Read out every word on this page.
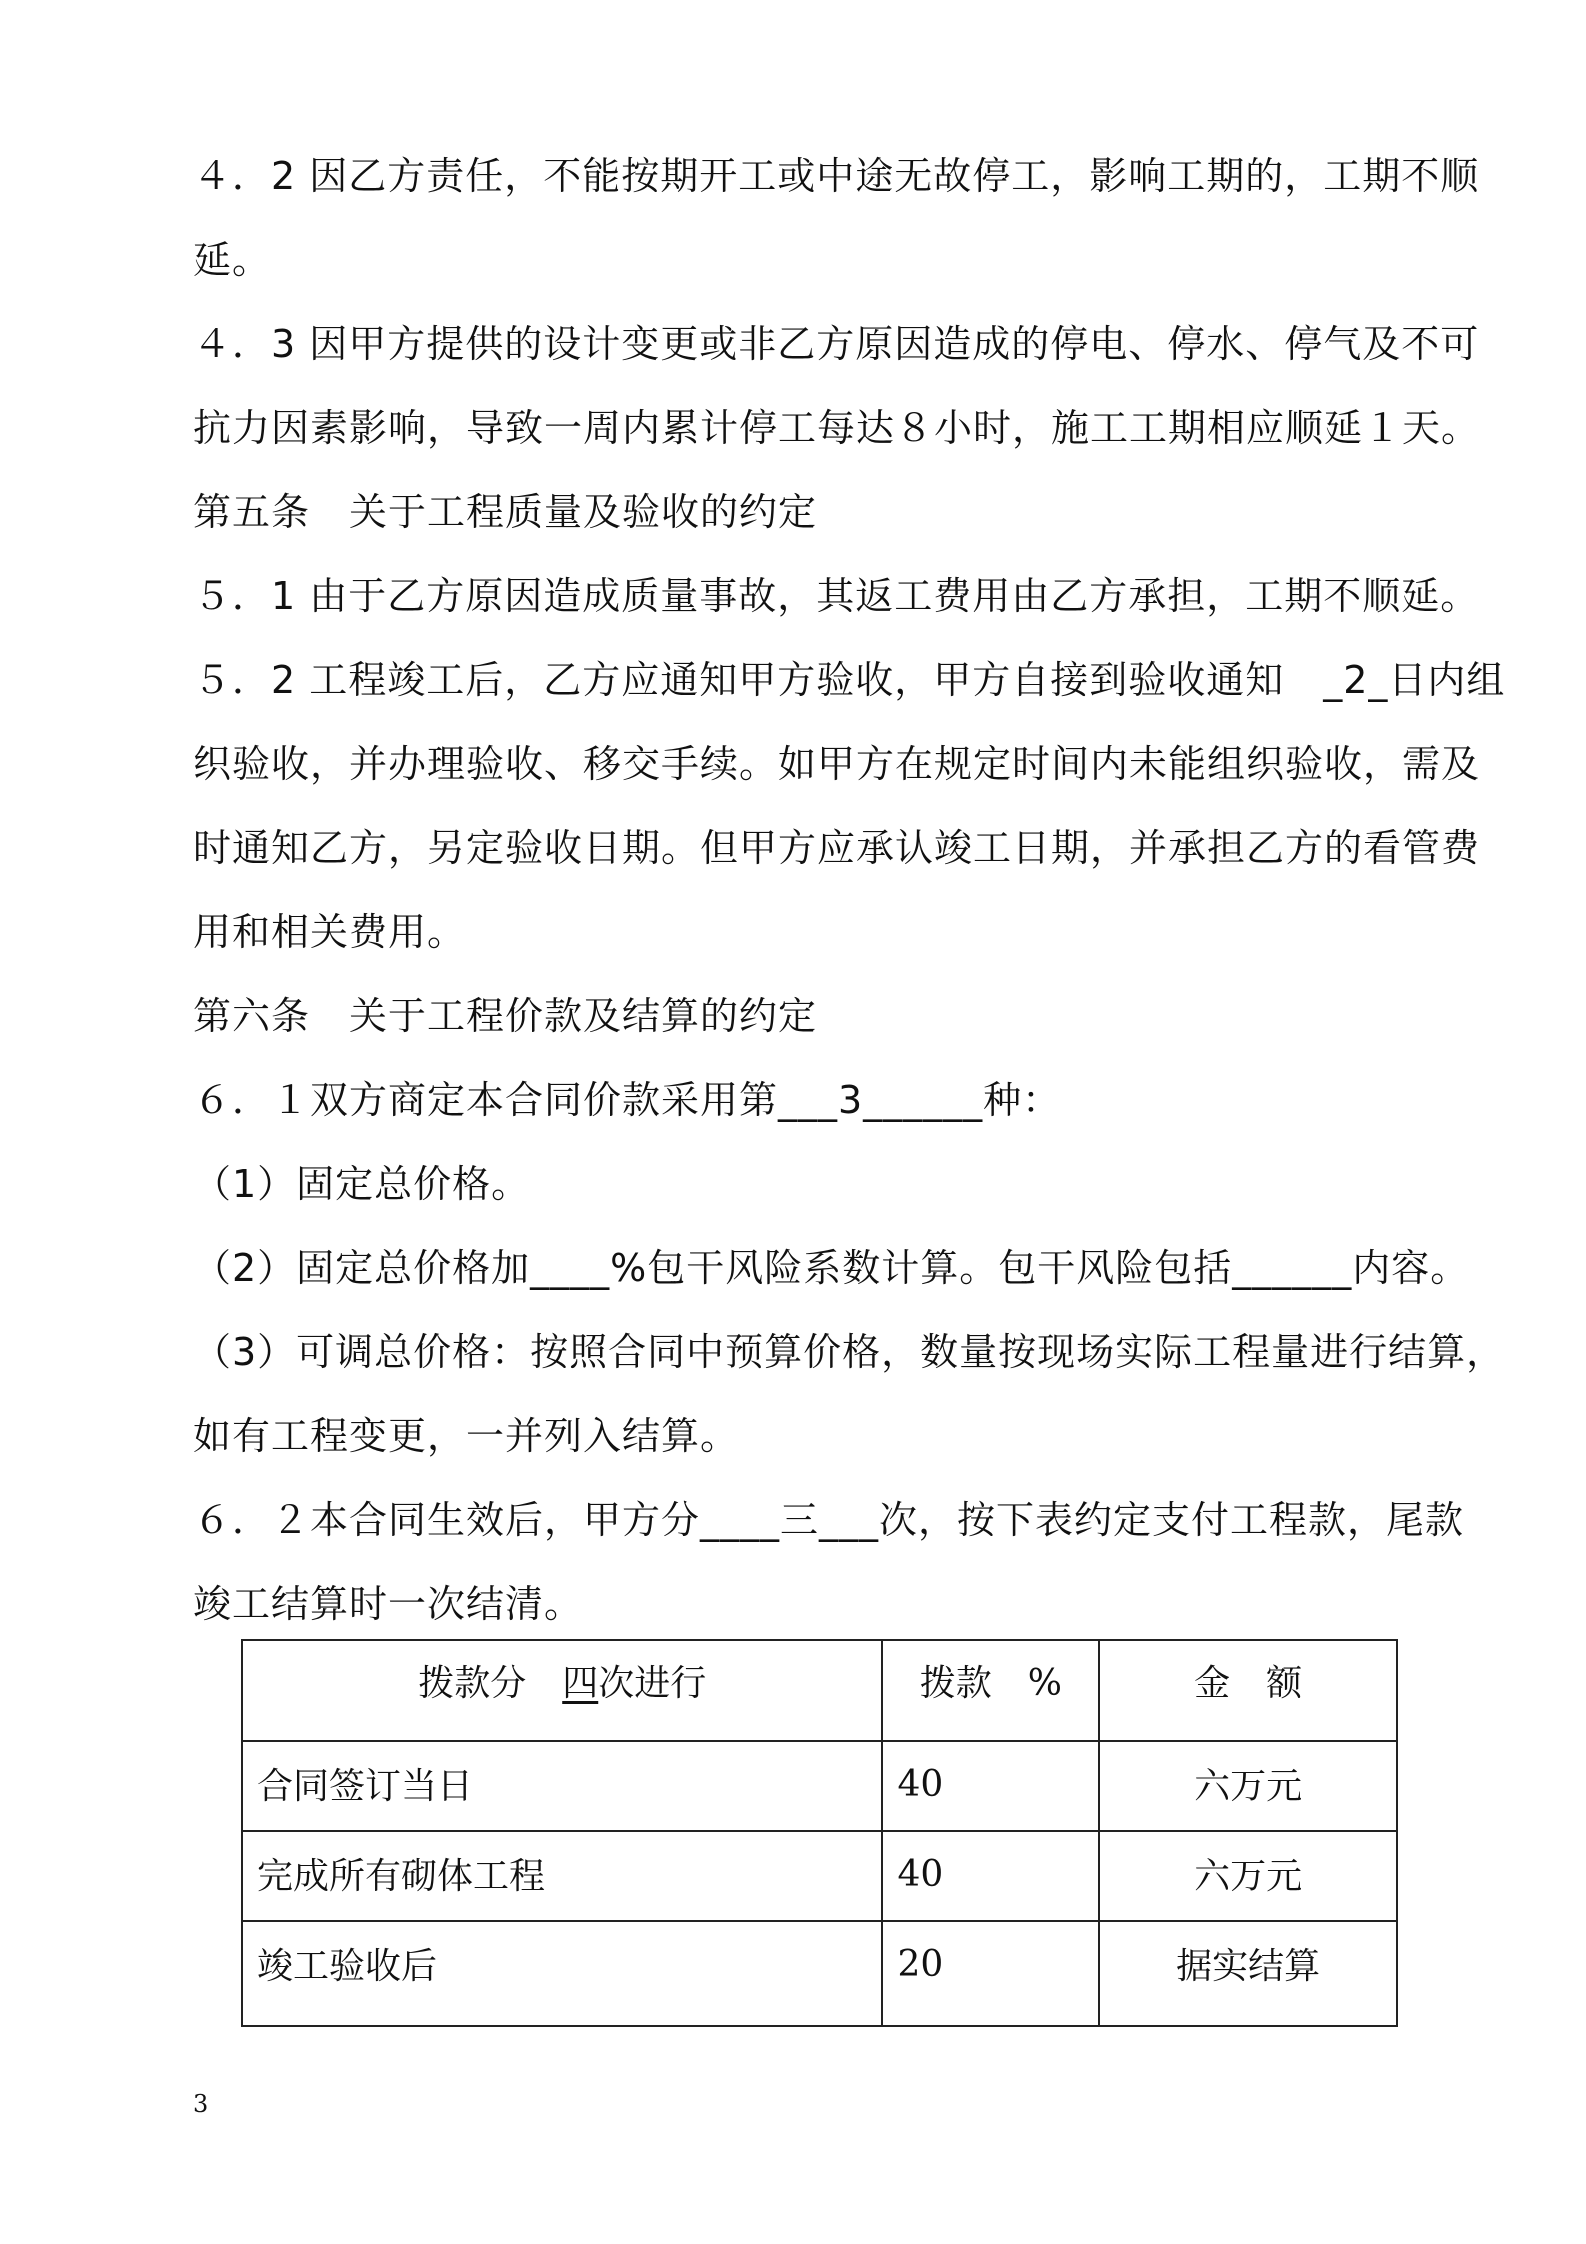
４．2 因乙方责任，不能按期开工或中途无故停工，影响工期的，工期不顺

延。

４．3 因甲方提供的设计变更或非乙方原因造成的停电、停水、停气及不可

抗力因素影响，导致一周内累计停工每达８小时，施工工期相应顺延１天。

第五条　关于工程质量及验收的约定

５．1 由于乙方原因造成质量事故，其返工费用由乙方承担，工期不顺延。

５．2 工程竣工后，乙方应通知甲方验收，甲方自接到验收通知　_2_日内组

织验收，并办理验收、移交手续。如甲方在规定时间内未能组织验收，需及

时通知乙方，另定验收日期。但甲方应承认竣工日期，并承担乙方的看管费

用和相关费用。

第六条　关于工程价款及结算的约定

６．１双方商定本合同价款采用第___3______种：

（1）固定总价格。

（2）固定总价格加____%包干风险系数计算。包干风险包括______内容。

（3）可调总价格：按照合同中预算价格，数量按现场实际工程量进行结算，

如有工程变更，一并列入结算。

６．２本合同生效后，甲方分____三___次，按下表约定支付工程款，尾款

竣工结算时一次结清。

拨款分　四次进行	拨款　%	金　额
合同签订当日	40	六万元
完成所有砌体工程	40	六万元
竣工验收后	20	据实结算
3
